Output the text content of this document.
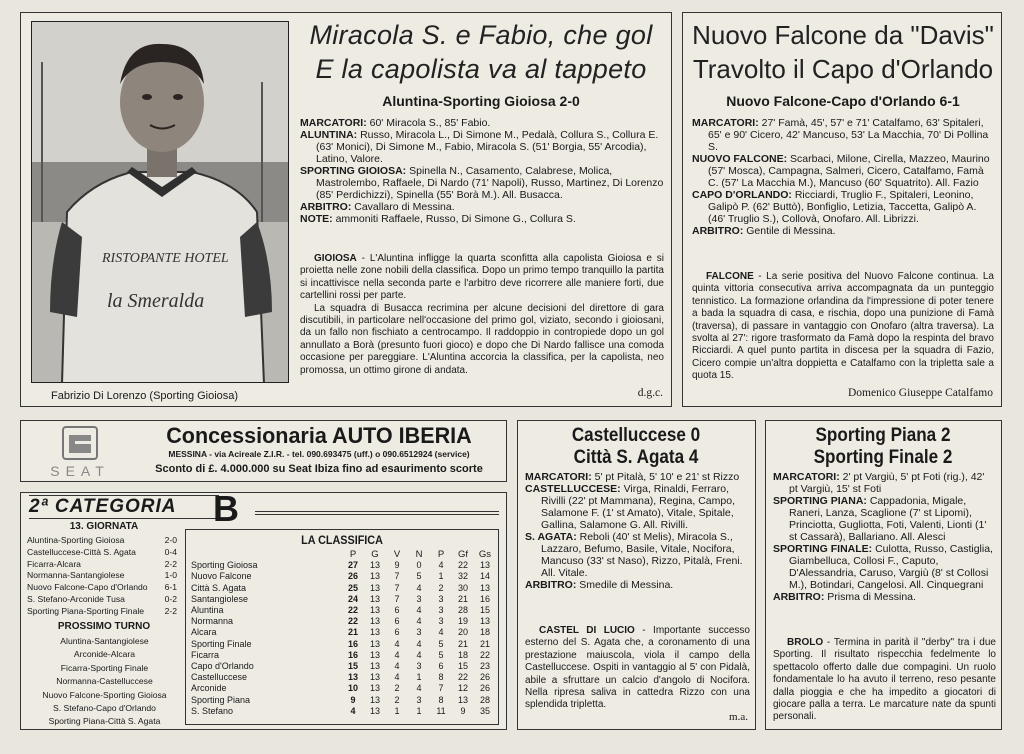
RISTOPANTE HOTEL
la Smeralda
Fabrizio Di Lorenzo (Sporting Gioiosa)
Miracola S. e Fabio, che gol
E la capolista va al tappeto
Aluntina-Sporting Gioiosa 2-0
MARCATORI: 60' Miracola S., 85' Fabio.
ALUNTINA: Russo, Miracola L., Di Simone M., Pedalà, Collura S., Collura E. (63' Monici), Di Simone M., Fabio, Miracola S. (51' Borgia, 55' Arcodia), Latino, Valore.
SPORTING GIOIOSA: Spinella N., Casamento, Calabrese, Molica, Mastrolembo, Raffaele, Di Nardo (71' Napoli), Russo, Martinez, Di Lorenzo (85' Perdichizzi), Spinella (55' Borà M.). All. Busacca.
ARBITRO: Cavallaro di Messina.
NOTE: ammoniti Raffaele, Russo, Di Simone G., Collura S.

GIOIOSA - L'Aluntina infligge la quarta sconfitta alla capolista Gioiosa e si proietta nelle zone nobili della classifica. Dopo un primo tempo tranquillo la partita si incattivisce nella seconda parte e l'arbitro deve ricorrere alle maniere forti, due cartellini rossi per parte.

La squadra di Busacca recrimina per alcune decisioni del direttore di gara discutibili, in particolare nell'occasione del primo gol, viziato, secondo i gioiosani, da un fallo non fischiato a centrocampo. Il raddoppio in contropiede dopo un gol annullato a Borà (presunto fuori gioco) e dopo che Di Nardo fallisce una comoda occasione per pareggiare. L'Aluntina accorcia la classifica, per la capolista, neo promossa, un ottimo girone di andata.

d.g.c.
Nuovo Falcone da "Davis"
Travolto il Capo d'Orlando
Nuovo Falcone-Capo d'Orlando 6-1
MARCATORI: 27' Famà, 45', 57' e 71' Catalfamo, 63' Spitaleri, 65' e 90' Cicero, 42' Mancuso, 53' La Macchia, 70' Di Pollina S.
NUOVO FALCONE: Scarbaci, Milone, Cirella, Mazzeo, Maurino (57' Mosca), Campagna, Salmeri, Cicero, Catalfamo, Famà C. (57' La Macchia M.), Mancuso (60' Squatrito). All. Fazio
CAPO D'ORLANDO: Ricciardi, Truglio F., Spitaleri, Leonino, Galipò P. (62' Buttò), Bonfiglio, Letizia, Taccetta, Galipò A. (46' Truglio S.), Collovà, Onofaro. All. Librizzi.
ARBITRO: Gentile di Messina.

FALCONE - La serie positiva del Nuovo Falcone continua. La quinta vittoria consecutiva arriva accompagnata da un punteggio tennistico. La formazione orlandina da l'impressione di poter tenere a bada la squadra di casa, e rischia, dopo una punizione di Famà (traversa), di passare in vantaggio con Onofaro (altra traversa). La svolta al 27': rigore trasformato da Famà dopo la respinta del bravo Ricciardi. A quel punto partita in discesa per la squadra di Fazio, Cicero compie un'altra doppietta e Catalfamo con la tripletta sale a quota 15.

Domenico Giuseppe Catalfamo
SEAT
Concessionaria AUTO IBERIA
MESSINA - via Acireale Z.I.R. - tel. 090.693475 (uff.) o 090.6512924 (service)
Sconto di £. 4.000.000 su Seat Ibiza fino ad esaurimento scorte
2ª CATEGORIA	B
13. GIORNATA
Aluntina-Sporting Gioiosa	2-0
Castelluccese-Città S. Agata	0-4
Ficarra-Alcara	2-2
Normanna-Santangiolese	1-0
Nuovo Falcone-Capo d'Orlando 6-1
S. Stefano-Arconide Tusa	0-2
Sporting Piana-Sporting Finale 2-2
PROSSIMO TURNO
Aluntina-Santangiolese
Arconide-Alcara
Ficarra-Sporting Finale
Normanna-Castelluccese
Nuovo Falcone-Sporting Gioiosa
S. Stefano-Capo d'Orlando
Sporting Piana-Città S. Agata
LA CLASSIFICA
	P	G	V	N	P	Gf	Gs
Sporting Gioiosa	27	13	9	0	4	22	13
Nuovo Falcone	26	13	7	5	1	32	14
Città S. Agata	25	13	7	4	2	30	13
Santangiolese	24	13	7	3	3	21	16
Aluntina	22	13	6	4	3	28	15
Normanna	22	13	6	4	3	19	13
Alcara	21	13	6	3	4	20	18
Sporting Finale	16	13	4	4	5	21	21
Ficarra	16	13	4	4	5	18	22
Capo d'Orlando	15	13	4	3	6	15	23
Castelluccese	13	13	4	1	8	22	26
Arconide	10	13	2	4	7	12	26
Sporting Piana	9	13	2	3	8	13	28
S. Stefano	4	13	1	1	11	9	35
Castelluccese 0
Città S. Agata 4
MARCATORI: 5' pt Pitalà, 5' 10' e 21' st Rizzo
CASTELLUCCESE: Virga, Rinaldi, Ferraro, Rivilli (22' pt Mammana), Regina, Campo, Salamone F. (1' st Amato), Vitale, Spitale, Gallina, Salamone G. All. Rivilli.
S. AGATA: Reboli (40' st Melis), Miracola S., Lazzaro, Befumo, Basile, Vitale, Nocifora, Mancuso (33' st Naso), Rizzo, Pitalà, Freni. All. Vitale.
ARBITRO: Smedile di Messina.

CASTEL DI LUCIO - Importante successo esterno del S. Agata che, a coronamento di una prestazione maiuscola, viola il campo della Castelluccese. Ospiti in vantaggio al 5' con Pidalà, abile a sfruttare un calcio d'angolo di Nocifora. Nella ripresa saliva in cattedra Rizzo con una splendida tripletta.

m.a.
Sporting Piana 2
Sporting Finale 2
MARCATORI: 2' pt Vargiù, 5' pt Foti (rig.), 42' pt Vargiù, 15' st Foti
SPORTING PIANA: Cappadonia, Migale, Raneri, Lanza, Scaglione (7' st Lipomi), Princiotta, Gugliotta, Foti, Valenti, Lionti (1' st Cassarà), Ballariano. All. Alesci
SPORTING FINALE: Culotta, Russo, Castiglia, Giambelluca, Collosi F., Caputo, D'Alessandria, Caruso, Vargiù (8' st Collosi M.), Botindari, Cangelosi. All. Cinquegrani
ARBITRO: Prisma di Messina.

BROLO - Termina in parità il "derby" tra i due Sporting. Il risultato rispecchia fedelmente lo spettacolo offerto dalle due compagini. Un ruolo fondamentale lo ha avuto il terreno, reso pesante dalla pioggia e che ha impedito a giocatori di giocare palla a terra. Le marcature nate da spunti personali.
